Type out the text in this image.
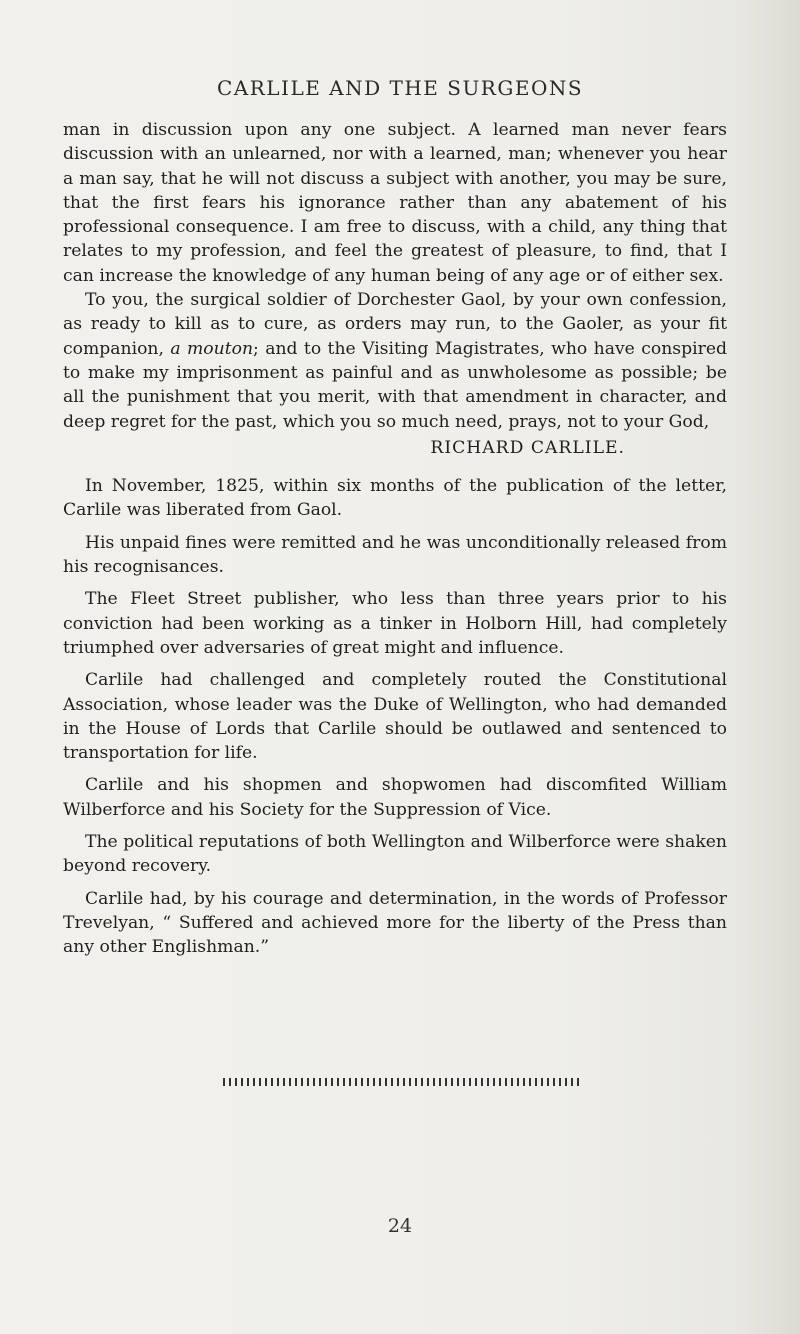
CARLILE AND THE SURGEONS

man in discussion upon any one subject. A learned man never fears discussion with an unlearned, nor with a learned, man; whenever you hear a man say, that he will not discuss a subject with another, you may be sure, that the first fears his ignorance rather than any abatement of his professional consequence. I am free to discuss, with a child, any thing that relates to my profession, and feel the greatest of pleasure, to find, that I can increase the knowledge of any human being of any age or of either sex.

To you, the surgical soldier of Dorchester Gaol, by your own confession, as ready to kill as to cure, as orders may run, to the Gaoler, as your fit companion, a mouton; and to the Visiting Magistrates, who have conspired to make my imprisonment as painful and as unwholesome as possible; be all the punishment that you merit, with that amendment in character, and deep regret for the past, which you so much need, prays, not to your God,

RICHARD CARLILE.

In November, 1825, within six months of the publication of the letter, Carlile was liberated from Gaol.

His unpaid fines were remitted and he was unconditionally released from his recognisances.

The Fleet Street publisher, who less than three years prior to his conviction had been working as a tinker in Holborn Hill, had completely triumphed over adversaries of great might and influence.

Carlile had challenged and completely routed the Constitutional Association, whose leader was the Duke of Wellington, who had demanded in the House of Lords that Carlile should be outlawed and sentenced to transportation for life.

Carlile and his shopmen and shopwomen had discomfited William Wilberforce and his Society for the Suppression of Vice.

The political reputations of both Wellington and Wilberforce were shaken beyond recovery.

Carlile had, by his courage and determination, in the words of Professor Trevelyan, “ Suffered and achieved more for the liberty of the Press than any other Englishman.”

24
